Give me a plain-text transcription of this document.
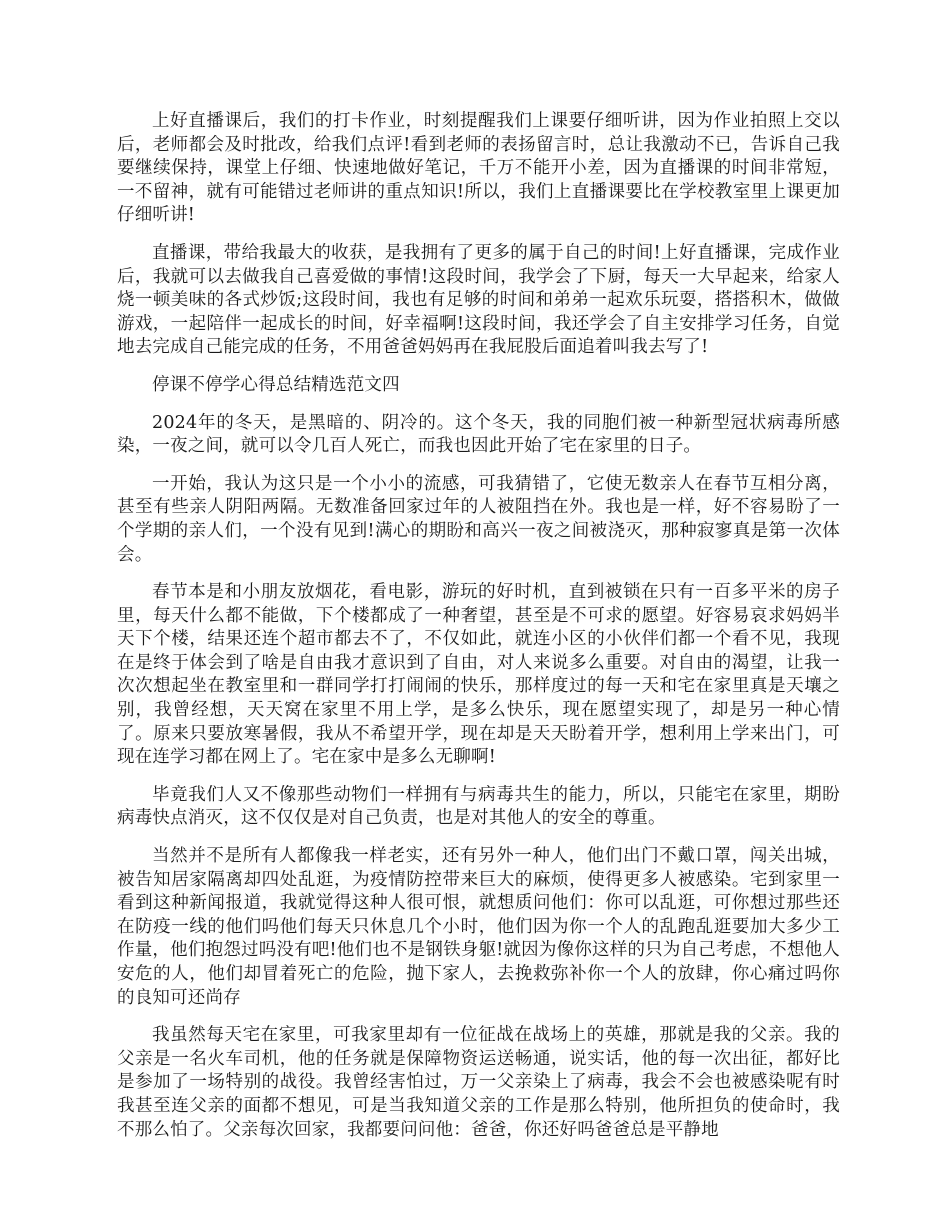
上好直播课后，我们的打卡作业，时刻提醒我们上课要仔细听讲，因为作业拍照上交以后，老师都会及时批改，给我们点评!看到老师的表扬留言时，总让我激动不已，告诉自己我要继续保持，课堂上仔细、快速地做好笔记，千万不能开小差，因为直播课的时间非常短，一不留神，就有可能错过老师讲的重点知识!所以，我们上直播课要比在学校教室里上课更加仔细听讲!

直播课，带给我最大的收获，是我拥有了更多的属于自己的时间!上好直播课，完成作业后，我就可以去做我自己喜爱做的事情!这段时间，我学会了下厨，每天一大早起来，给家人烧一顿美味的各式炒饭;这段时间，我也有足够的时间和弟弟一起欢乐玩耍，搭搭积木，做做游戏，一起陪伴一起成长的时间，好幸福啊!这段时间，我还学会了自主安排学习任务，自觉地去完成自己能完成的任务，不用爸爸妈妈再在我屁股后面追着叫我去写了!

停课不停学心得总结精选范文四

2024年的冬天，是黑暗的、阴冷的。这个冬天，我的同胞们被一种新型冠状病毒所感染，一夜之间，就可以令几百人死亡，而我也因此开始了宅在家里的日子。

一开始，我认为这只是一个小小的流感，可我猜错了，它使无数亲人在春节互相分离，甚至有些亲人阴阳两隔。无数准备回家过年的人被阻挡在外。我也是一样，好不容易盼了一个学期的亲人们，一个没有见到!满心的期盼和高兴一夜之间被浇灭，那种寂寥真是第一次体会。

春节本是和小朋友放烟花，看电影，游玩的好时机，直到被锁在只有一百多平米的房子里，每天什么都不能做，下个楼都成了一种奢望，甚至是不可求的愿望。好容易哀求妈妈半天下个楼，结果还连个超市都去不了，不仅如此，就连小区的小伙伴们都一个看不见，我现在是终于体会到了啥是自由我才意识到了自由，对人来说多么重要。对自由的渴望，让我一次次想起坐在教室里和一群同学打打闹闹的快乐，那样度过的每一天和宅在家里真是天壤之别，我曾经想，天天窝在家里不用上学，是多么快乐，现在愿望实现了，却是另一种心情了。原来只要放寒暑假，我从不希望开学，现在却是天天盼着开学，想利用上学来出门，可现在连学习都在网上了。宅在家中是多么无聊啊!

毕竟我们人又不像那些动物们一样拥有与病毒共生的能力，所以，只能宅在家里，期盼病毒快点消灭，这不仅仅是对自己负责，也是对其他人的安全的尊重。

当然并不是所有人都像我一样老实，还有另外一种人，他们出门不戴口罩，闯关出城，被告知居家隔离却四处乱逛，为疫情防控带来巨大的麻烦，使得更多人被感染。宅到家里一看到这种新闻报道，我就觉得这种人很可恨，就想质问他们：你可以乱逛，可你想过那些还在防疫一线的他们吗他们每天只休息几个小时，他们因为你一个人的乱跑乱逛要加大多少工作量，他们抱怨过吗没有吧!他们也不是钢铁身躯!就因为像你这样的只为自己考虑，不想他人安危的人，他们却冒着死亡的危险，抛下家人，去挽救弥补你一个人的放肆，你心痛过吗你的良知可还尚存

我虽然每天宅在家里，可我家里却有一位征战在战场上的英雄，那就是我的父亲。我的父亲是一名火车司机，他的任务就是保障物资运送畅通，说实话，他的每一次出征，都好比是参加了一场特别的战役。我曾经害怕过，万一父亲染上了病毒，我会不会也被感染呢有时我甚至连父亲的面都不想见，可是当我知道父亲的工作是那么特别，他所担负的使命时，我不那么怕了。父亲每次回家，我都要问问他：爸爸，你还好吗爸爸总是平静地
